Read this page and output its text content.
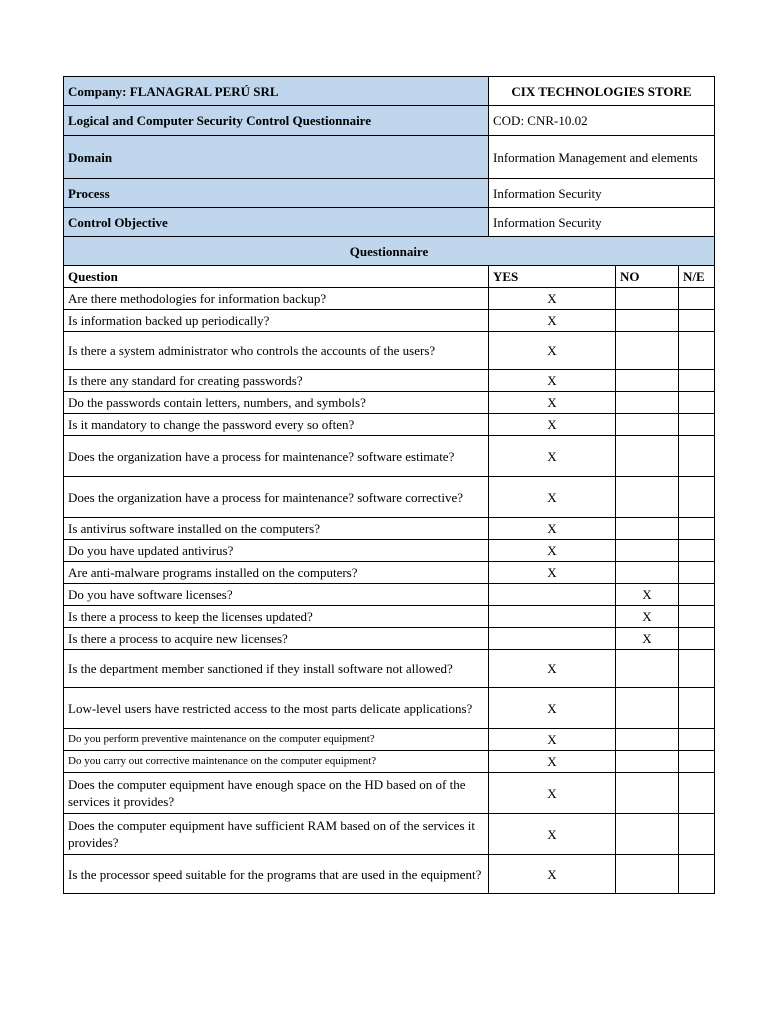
Company: FLANAGRAL PERÚ SRL	CIX TECHNOLOGIES STORE		
Logical and Computer Security Control Questionnaire	COD: CNR-10.02		
Domain	Information Management and elements		
Process	Information Security		
Control Objective	Information Security		
Questionnaire			
Question	YES	NO	N/E
Are there methodologies for information backup?	X		
Is information backed up periodically?	X		
Is there a system administrator who controls the accounts of the users?	X		
Is there any standard for creating passwords?	X		
Do the passwords contain letters, numbers, and symbols?	X		
Is it mandatory to change the password every so often?	X		
Does the organization have a process for maintenance? software estimate?	X		
Does the organization have a process for maintenance? software corrective?	X		
Is antivirus software installed on the computers?	X		
Do you have updated antivirus?	X		
Are anti-malware programs installed on the computers?	X		
Do you have software licenses?		X	
Is there a process to keep the licenses updated?		X	
Is there a process to acquire new licenses?		X	
Is the department member sanctioned if they install software not allowed?	X		
Low-level users have restricted access to the most parts delicate applications?	X		
Do you perform preventive maintenance on the computer equipment?	X		
Do you carry out corrective maintenance on the computer equipment?	X		
Does the computer equipment have enough space on the HD based on of the services it provides?	X		
Does the computer equipment have sufficient RAM based on of the services it provides?	X		
Is the processor speed suitable for the programs that are used in the equipment?	X		
